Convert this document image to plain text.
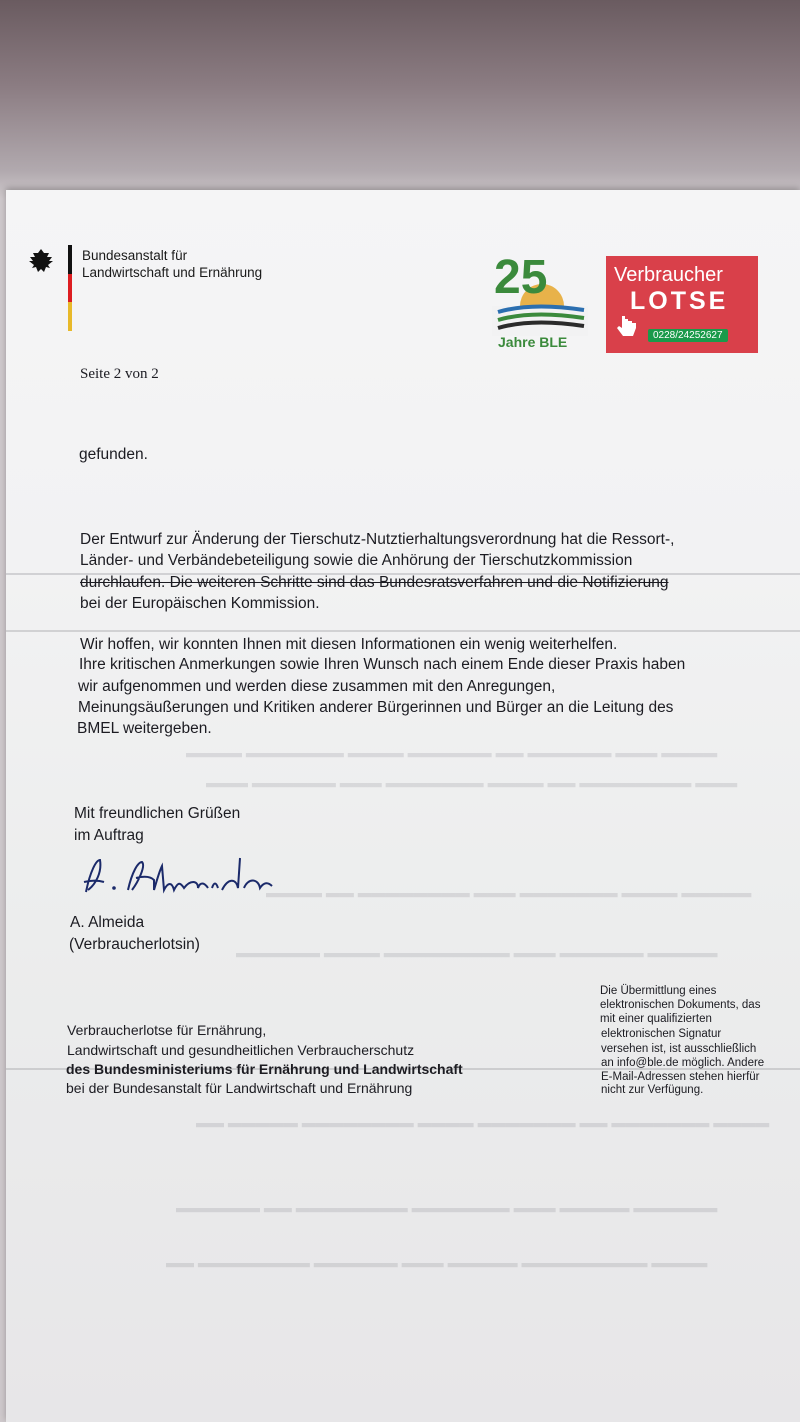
▬▬▬▬ ▬▬▬ ▬▬▬▬▬▬ ▬▬ ▬▬▬▬▬▬ ▬▬▬▬ ▬▬▬▬▬▬▬ ▬▬▬▬
▬▬▬ ▬▬▬▬▬▬▬▬ ▬▬ ▬▬▬▬ ▬▬▬▬▬▬▬ ▬▬▬ ▬▬▬▬▬▬ ▬▬▬
▬▬▬▬▬ ▬▬▬▬ ▬▬▬▬▬▬▬ ▬▬▬ ▬▬▬▬▬▬▬▬ ▬▬ ▬▬▬▬
▬▬▬▬▬ ▬▬▬▬▬▬ ▬▬▬ ▬▬▬▬▬▬▬▬▬ ▬▬▬▬ ▬▬▬▬▬▬
▬▬▬▬ ▬▬▬▬▬▬▬ ▬▬ ▬▬▬▬▬▬▬ ▬▬▬▬ ▬▬▬▬▬▬▬▬ ▬▬▬▬▬ ▬▬
▬▬▬▬▬▬ ▬▬▬▬▬ ▬▬▬ ▬▬▬▬▬▬▬ ▬▬▬▬▬▬▬▬ ▬▬ ▬▬▬▬▬▬
▬▬▬▬ ▬▬▬▬▬▬▬▬▬ ▬▬▬▬▬ ▬▬▬ ▬▬▬▬▬▬ ▬▬▬▬▬▬▬▬ ▬▬
Bundesanstalt für
Landwirtschaft und Ernährung	25
Jahre BLE
Verbraucher
LOTSE
0228/24252627
Seite 2 von 2
gefunden.
Der Entwurf zur Änderung der Tierschutz-Nutztierhaltungsverordnung hat die Ressort-,
Länder- und Verbändebeteiligung sowie die Anhörung der Tierschutzkommission
durchlaufen. Die weiteren Schritte sind das Bundesratsverfahren und die Notifizierung
bei der Europäischen Kommission.
Wir hoffen, wir konnten Ihnen mit diesen Informationen ein wenig weiterhelfen.
Ihre kritischen Anmerkungen sowie Ihren Wunsch nach einem Ende dieser Praxis haben
wir aufgenommen und werden diese zusammen mit den Anregungen,
Meinungsäußerungen und Kritiken anderer Bürgerinnen und Bürger an die Leitung des
BMEL weitergeben.
Mit freundlichen Grüßen
im Auftrag
A. Almeida
(Verbraucherlotsin)
Verbraucherlotse für Ernährung,
Landwirtschaft und gesundheitlichen Verbraucherschutz
des Bundesministeriums für Ernährung und Landwirtschaft
bei der Bundesanstalt für Landwirtschaft und Ernährung
Die Übermittlung eines
elektronischen Dokuments, das
mit einer qualifizierten
elektronischen Signatur
versehen ist, ist ausschließlich
an info@ble.de möglich. Andere
E-Mail-Adressen stehen hierfür
nicht zur Verfügung.
